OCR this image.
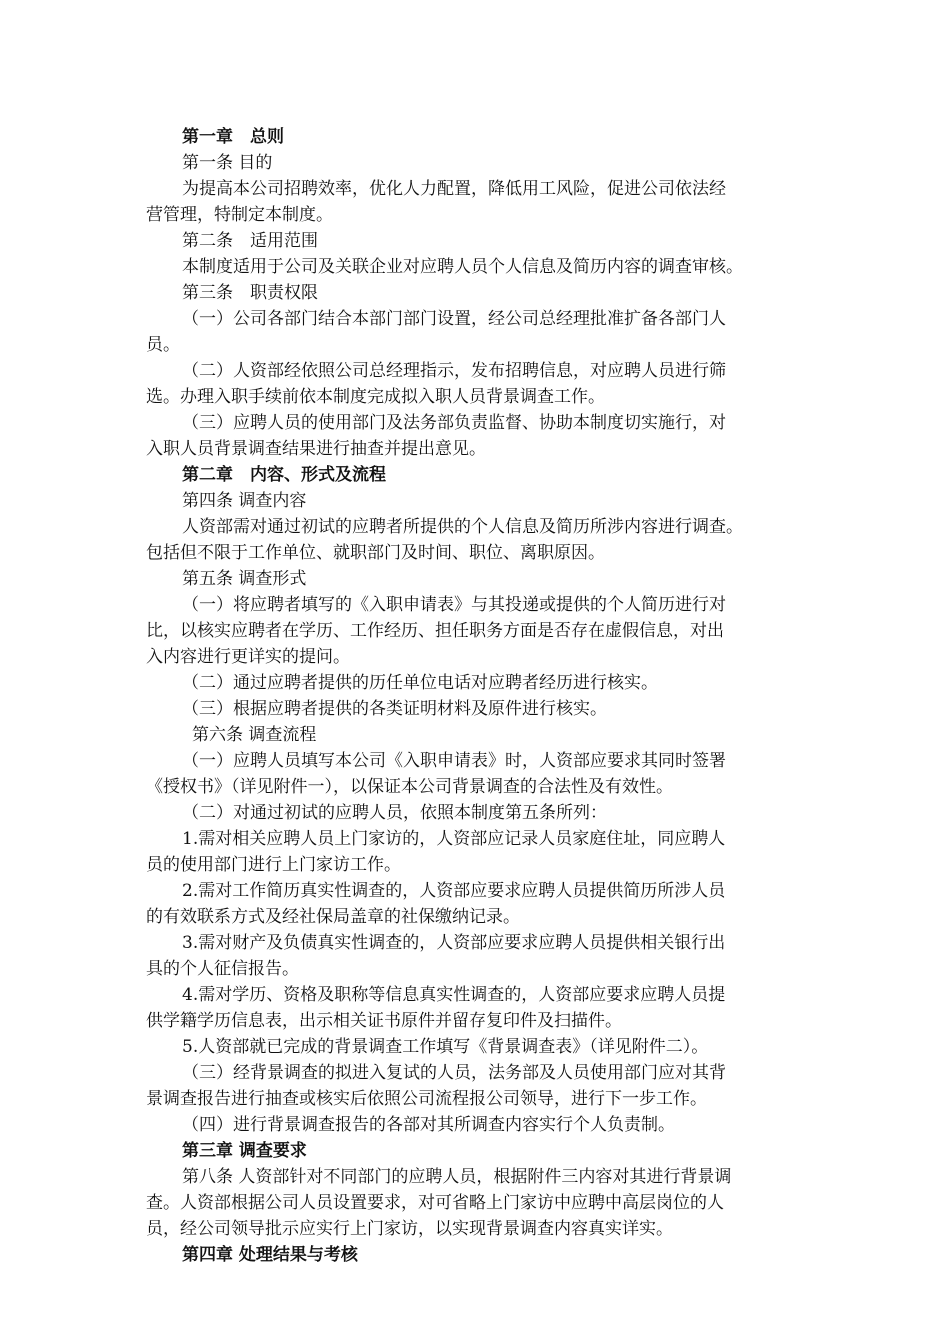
第一章　总则
第一条 目的
为提高本公司招聘效率，优化人力配置，降低用工风险，促进公司依法经
营管理，特制定本制度。
第二条　适用范围
本制度适用于公司及关联企业对应聘人员个人信息及简历内容的调查审核。
第三条　职责权限
（一）公司各部门结合本部门部门设置，经公司总经理批准扩备各部门人
员。
（二）人资部经依照公司总经理指示，发布招聘信息，对应聘人员进行筛
选。办理入职手续前依本制度完成拟入职人员背景调查工作。
（三）应聘人员的使用部门及法务部负责监督、协助本制度切实施行，对
入职人员背景调查结果进行抽查并提出意见。
第二章　内容、形式及流程
第四条 调查内容
人资部需对通过初试的应聘者所提供的个人信息及简历所涉内容进行调查。
包括但不限于工作单位、就职部门及时间、职位、离职原因。
第五条 调查形式
（一）将应聘者填写的《入职申请表》与其投递或提供的个人简历进行对
比，以核实应聘者在学历、工作经历、担任职务方面是否存在虚假信息，对出
入内容进行更详实的提问。
（二）通过应聘者提供的历任单位电话对应聘者经历进行核实。
（三）根据应聘者提供的各类证明材料及原件进行核实。
第六条 调查流程
（一）应聘人员填写本公司《入职申请表》时，人资部应要求其同时签署
《授权书》（详见附件一），以保证本公司背景调查的合法性及有效性。
（二）对通过初试的应聘人员，依照本制度第五条所列：
1.需对相关应聘人员上门家访的，人资部应记录人员家庭住址，同应聘人
员的使用部门进行上门家访工作。
2.需对工作简历真实性调查的，人资部应要求应聘人员提供简历所涉人员
的有效联系方式及经社保局盖章的社保缴纳记录。
3.需对财产及负债真实性调查的，人资部应要求应聘人员提供相关银行出
具的个人征信报告。
4.需对学历、资格及职称等信息真实性调查的，人资部应要求应聘人员提
供学籍学历信息表，出示相关证书原件并留存复印件及扫描件。
5.人资部就已完成的背景调查工作填写《背景调查表》（详见附件二）。
（三）经背景调查的拟进入复试的人员，法务部及人员使用部门应对其背
景调查报告进行抽查或核实后依照公司流程报公司领导，进行下一步工作。
（四）进行背景调查报告的各部对其所调查内容实行个人负责制。
第三章 调查要求
第八条 人资部针对不同部门的应聘人员，根据附件三内容对其进行背景调
查。人资部根据公司人员设置要求，对可省略上门家访中应聘中高层岗位的人
员，经公司领导批示应实行上门家访，以实现背景调查内容真实详实。
第四章 处理结果与考核
